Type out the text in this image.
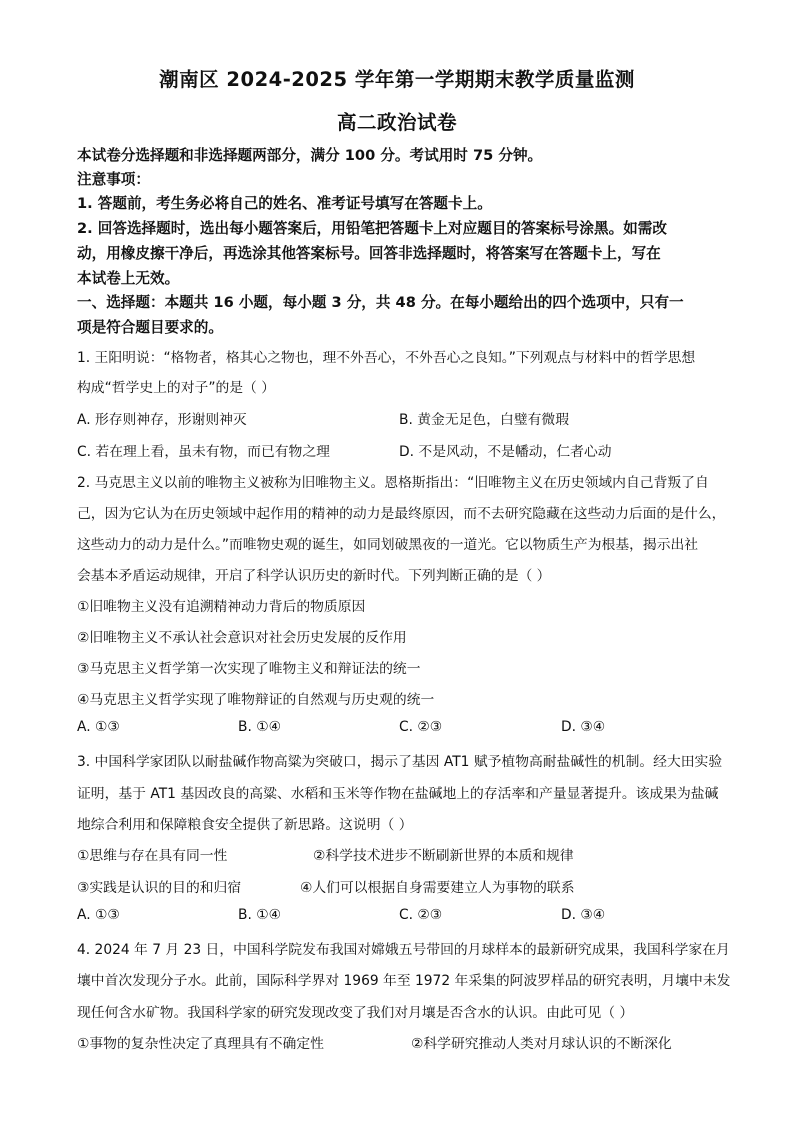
潮南区 2024-2025 学年第一学期期末教学质量监测
高二政治试卷
本试卷分选择题和非选择题两部分，满分 100 分。考试用时 75 分钟。
注意事项：
1. 答题前，考生务必将自己的姓名、准考证号填写在答题卡上。
2. 回答选择题时，选出每小题答案后，用铅笔把答题卡上对应题目的答案标号涂黑。如需改
动，用橡皮擦干净后，再选涂其他答案标号。回答非选择题时，将答案写在答题卡上，写在
本试卷上无效。
一、选择题：本题共 16 小题，每小题 3 分，共 48 分。在每小题给出的四个选项中，只有一
项是符合题目要求的。
1. 王阳明说：“格物者，格其心之物也，理不外吾心，不外吾心之良知。”下列观点与材料中的哲学思想
构成“哲学史上的对子”的是（ ）
A. 形存则神存，形谢则神灭	B. 黄金无足色，白璧有微瑕
C. 若在理上看，虽未有物，而已有物之理	D. 不是风动，不是幡动，仁者心动
2. 马克思主义以前的唯物主义被称为旧唯物主义。恩格斯指出：“旧唯物主义在历史领域内自己背叛了自
己，因为它认为在历史领域中起作用的精神的动力是最终原因，而不去研究隐藏在这些动力后面的是什么，
这些动力的动力是什么。”而唯物史观的诞生，如同划破黑夜的一道光。它以物质生产为根基，揭示出社
会基本矛盾运动规律，开启了科学认识历史的新时代。下列判断正确的是（ ）
①旧唯物主义没有追溯精神动力背后的物质原因
②旧唯物主义不承认社会意识对社会历史发展的反作用
③马克思主义哲学第一次实现了唯物主义和辩证法的统一
④马克思主义哲学实现了唯物辩证的自然观与历史观的统一
A. ①③	B. ①④	C. ②③	D. ③④
3. 中国科学家团队以耐盐碱作物高粱为突破口，揭示了基因 AT1 赋予植物高耐盐碱性的机制。经大田实验
证明，基于 AT1 基因改良的高粱、水稻和玉米等作物在盐碱地上的存活率和产量显著提升。该成果为盐碱
地综合利用和保障粮食安全提供了新思路。这说明（ ）
①思维与存在具有同一性	②科学技术进步不断刷新世界的本质和规律
③实践是认识的目的和归宿	④人们可以根据自身需要建立人为事物的联系
A. ①③	B. ①④	C. ②③	D. ③④
4. 2024 年 7 月 23 日，中国科学院发布我国对嫦娥五号带回的月球样本的最新研究成果，我国科学家在月
壤中首次发现分子水。此前，国际科学界对 1969 年至 1972 年采集的阿波罗样品的研究表明，月壤中未发
现任何含水矿物。我国科学家的研究发现改变了我们对月壤是否含水的认识。由此可见（ ）
①事物的复杂性决定了真理具有不确定性	②科学研究推动人类对月球认识的不断深化
